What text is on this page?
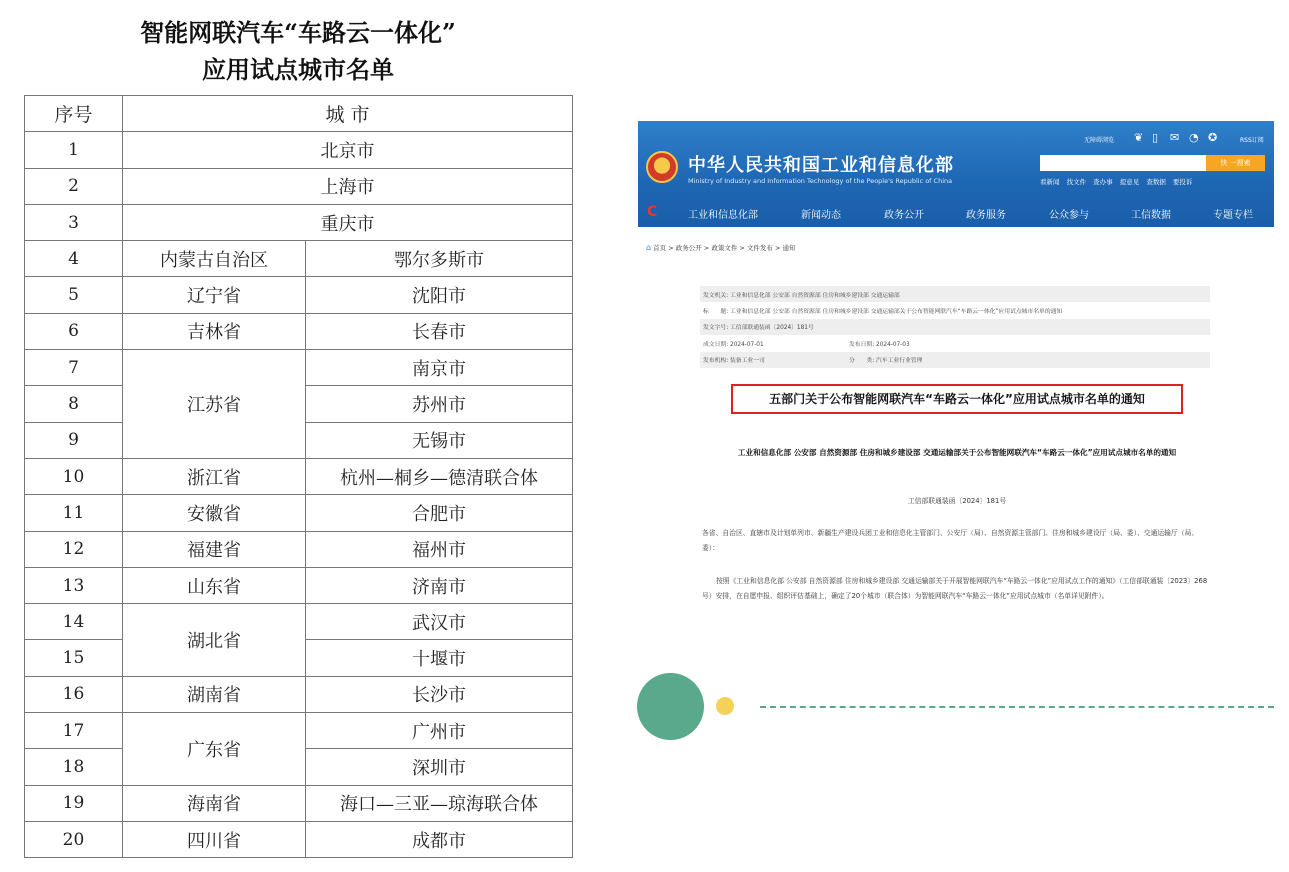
智能网联汽车“车路云一体化”
应用试点城市名单
序号	城 市	
1	北京市	
2	上海市	
3	重庆市	
4	内蒙古自治区	鄂尔多斯市
5	辽宁省	沈阳市
6	吉林省	长春市
7	江苏省	南京市
8		苏州市
9		无锡市
10	浙江省	杭州—桐乡—德清联合体
11	安徽省	合肥市
12	福建省	福州市
13	山东省	济南市
14	湖北省	武汉市
15		十堰市
16	湖南省	长沙市
17	广东省	广州市
18		深圳市
19	海南省	海口—三亚—琼海联合体
20	四川省	成都市
中华人民共和国工业和信息化部
Ministry of Industry and Information Technology of the People's Republic of China
无障碍浏览 ❦ ▯ ✉ ◔ ✪	RSS订阅
快 一搜索
看新闻 找文件 查办事 提意见 查数据 要投诉
C	工业和信息化部	新闻动态	政务公开	政务服务	公众参与	工信数据	专题专栏
⌂ 首页 > 政务公开 > 政策文件 > 文件发布 > 通知
发文机关: 工业和信息化部 公安部 自然资源部 住房和城乡建设部 交通运输部	
标　　题: 工业和信息化部 公安部 自然资源部 住房和城乡建设部 交通运输部关于公布智能网联汽车“车路云一体化”应用试点城市名单的通知	
发文字号: 工信部联通装函〔2024〕181号	
成文日期: 2024-07-01	发布日期: 2024-07-03
发布机构: 装备工业一司	分　　类: 汽车工业行业管理
五部门关于公布智能网联汽车“车路云一体化”应用试点城市名单的通知
工业和信息化部 公安部 自然资源部 住房和城乡建设部 交通运输部关于公布智能网联汽车“车路云一体化”应用试点城市名单的通知
工信部联通装函〔2024〕181号
各省、自治区、直辖市及计划单列市、新疆生产建设兵团工业和信息化主管部门、公安厅（局）、自然资源主管部门、住房和城乡建设厅（局、委）、交通运输厅（局、委）：
按照《工业和信息化部 公安部 自然资源部 住房和城乡建设部 交通运输部关于开展智能网联汽车“车路云一体化”应用试点工作的通知》（工信部联通装〔2023〕268号）安排，在自愿申报、组织评估基础上，确定了20个城市（联合体）为智能网联汽车“车路云一体化”应用试点城市（名单详见附件）。
